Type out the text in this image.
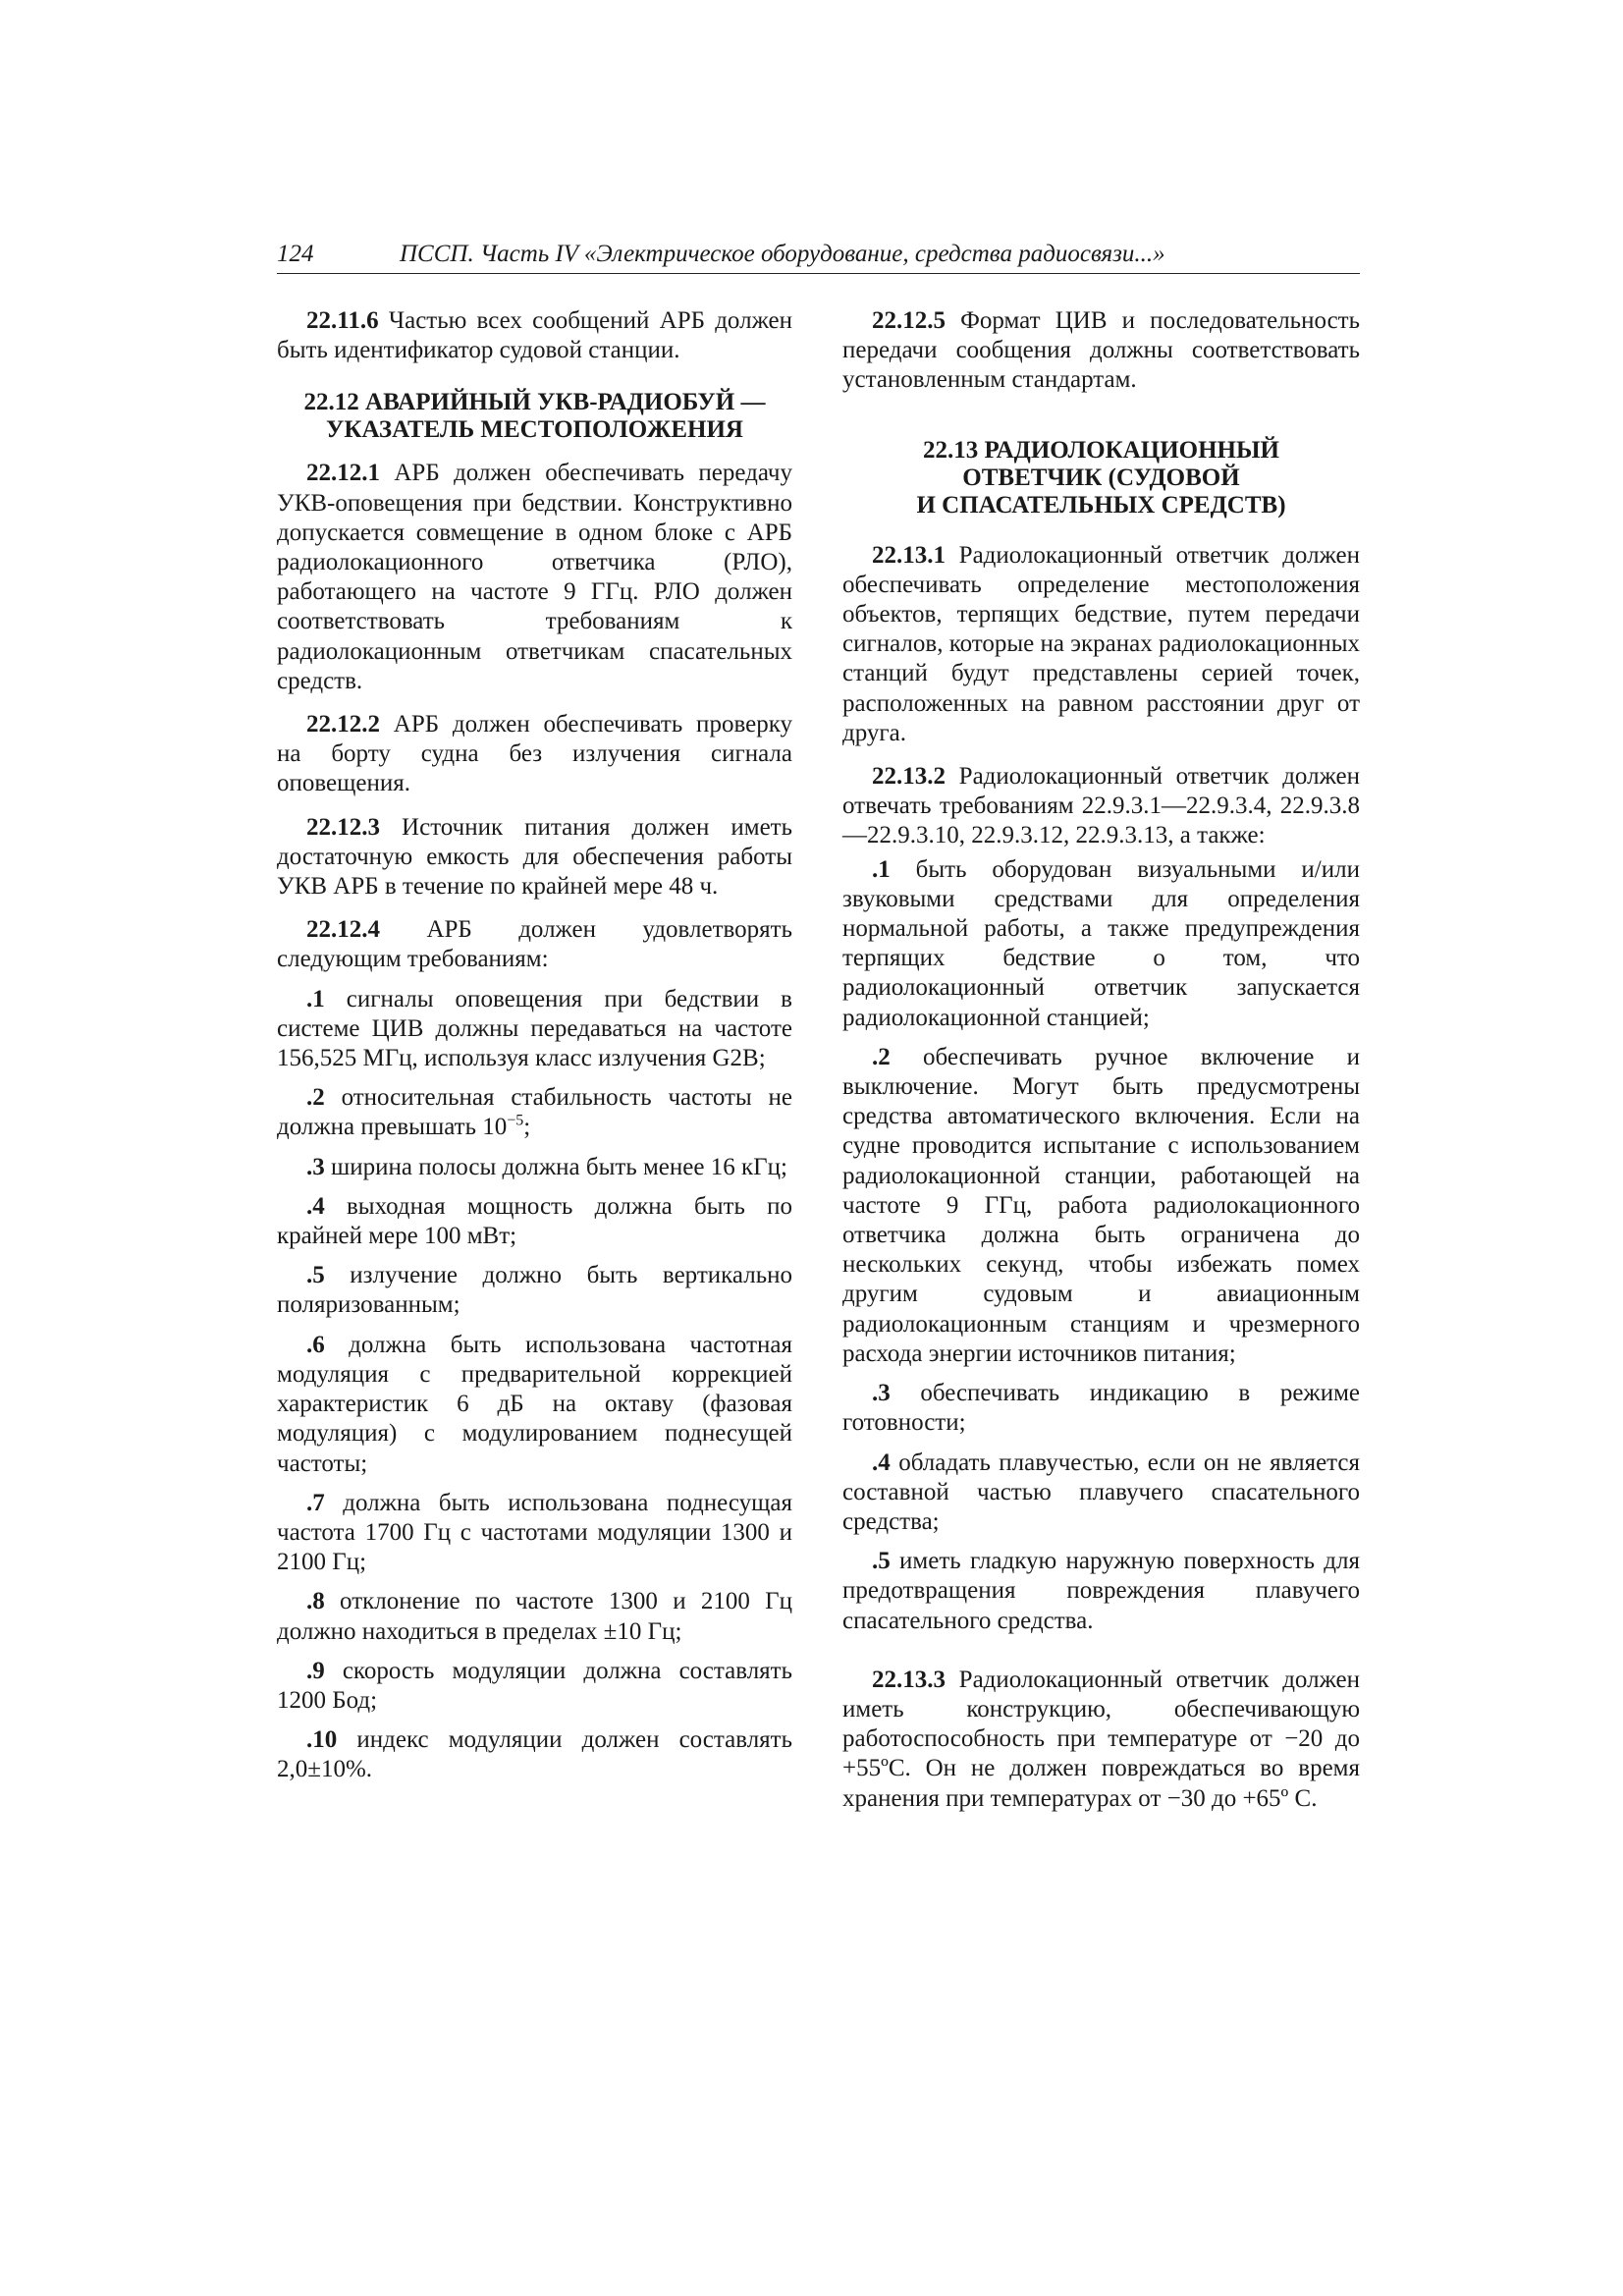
124	ПССП. Часть IV «Электрическое оборудование, средства радиосвязи...»

22.11.6 Частью всех сообщений АРБ должен быть идентификатор судовой станции.

22.12 АВАРИЙНЫЙ УКВ-РАДИОБУЙ —
УКАЗАТЕЛЬ МЕСТОПОЛОЖЕНИЯ

22.12.1 АРБ должен обеспечивать передачу УКВ-оповещения при бедствии. Конструктивно допускается совмещение в одном блоке с АРБ радиолокационного ответчика (РЛО), работающего на частоте 9 ГГц. РЛО должен соответствовать требованиям к радиолокационным ответчикам спасательных средств.

22.12.2 АРБ должен обеспечивать проверку на борту судна без излучения сигнала оповещения.

22.12.3 Источник питания должен иметь достаточную емкость для обеспечения работы УКВ АРБ в течение по крайней мере 48 ч.

22.12.4 АРБ должен удовлетворять следующим требованиям:

.1 сигналы оповещения при бедствии в системе ЦИВ должны передаваться на частоте 156,525 МГц, используя класс излучения G2B;

.2 относительная стабильность частоты не должна превышать $10^{-5}$;

.3 ширина полосы должна быть менее 16 кГц;

.4 выходная мощность должна быть по крайней мере 100 мВт;

.5 излучение должно быть вертикально поляризованным;

.6 должна быть использована частотная модуляция с предварительной коррекцией характеристик 6 дБ на октаву (фазовая модуляция) с модулированием поднесущей частоты;

.7 должна быть использована поднесущая частота 1700 Гц с частотами модуляции 1300 и 2100 Гц;

.8 отклонение по частоте 1300 и 2100 Гц должно находиться в пределах ±10 Гц;

.9 скорость модуляции должна составлять 1200 Бод;

.10 индекс модуляции должен составлять 2,0±10%.

22.12.5 Формат ЦИВ и последовательность передачи сообщения должны соответствовать установленным стандартам.

22.13 РАДИОЛОКАЦИОННЫЙ
ОТВЕТЧИК (СУДОВОЙ
И СПАСАТЕЛЬНЫХ СРЕДСТВ)

22.13.1 Радиолокационный ответчик должен обеспечивать определение местоположения объектов, терпящих бедствие, путем передачи сигналов, которые на экранах радиолокационных станций будут представлены серией точек, расположенных на равном расстоянии друг от друга.

22.13.2 Радиолокационный ответчик должен отвечать требованиям 22.9.3.1—22.9.3.4, 22.9.3.8—22.9.3.10, 22.9.3.12, 22.9.3.13, а также:

.1 быть оборудован визуальными и/или звуковыми средствами для определения нормальной работы, а также предупреждения терпящих бедствие о том, что радиолокационный ответчик запускается радиолокационной станцией;

.2 обеспечивать ручное включение и выключение. Могут быть предусмотрены средства автоматического включения. Если на судне проводится испытание с использованием радиолокационной станции, работающей на частоте 9 ГГц, работа радиолокационного ответчика должна быть ограничена до нескольких секунд, чтобы избежать помех другим судовым и авиационным радиолокационным станциям и чрезмерного расхода энергии источников питания;

.3 обеспечивать индикацию в режиме готовности;

.4 обладать плавучестью, если он не является составной частью плавучего спасательного средства;

.5 иметь гладкую наружную поверхность для предотвращения повреждения плавучего спасательного средства.

22.13.3 Радиолокационный ответчик должен иметь конструкцию, обеспечивающую работоспособность при температуре от −20 до +55ºС. Он не должен повреждаться во время хранения при температурах от −30 до +65º С.
